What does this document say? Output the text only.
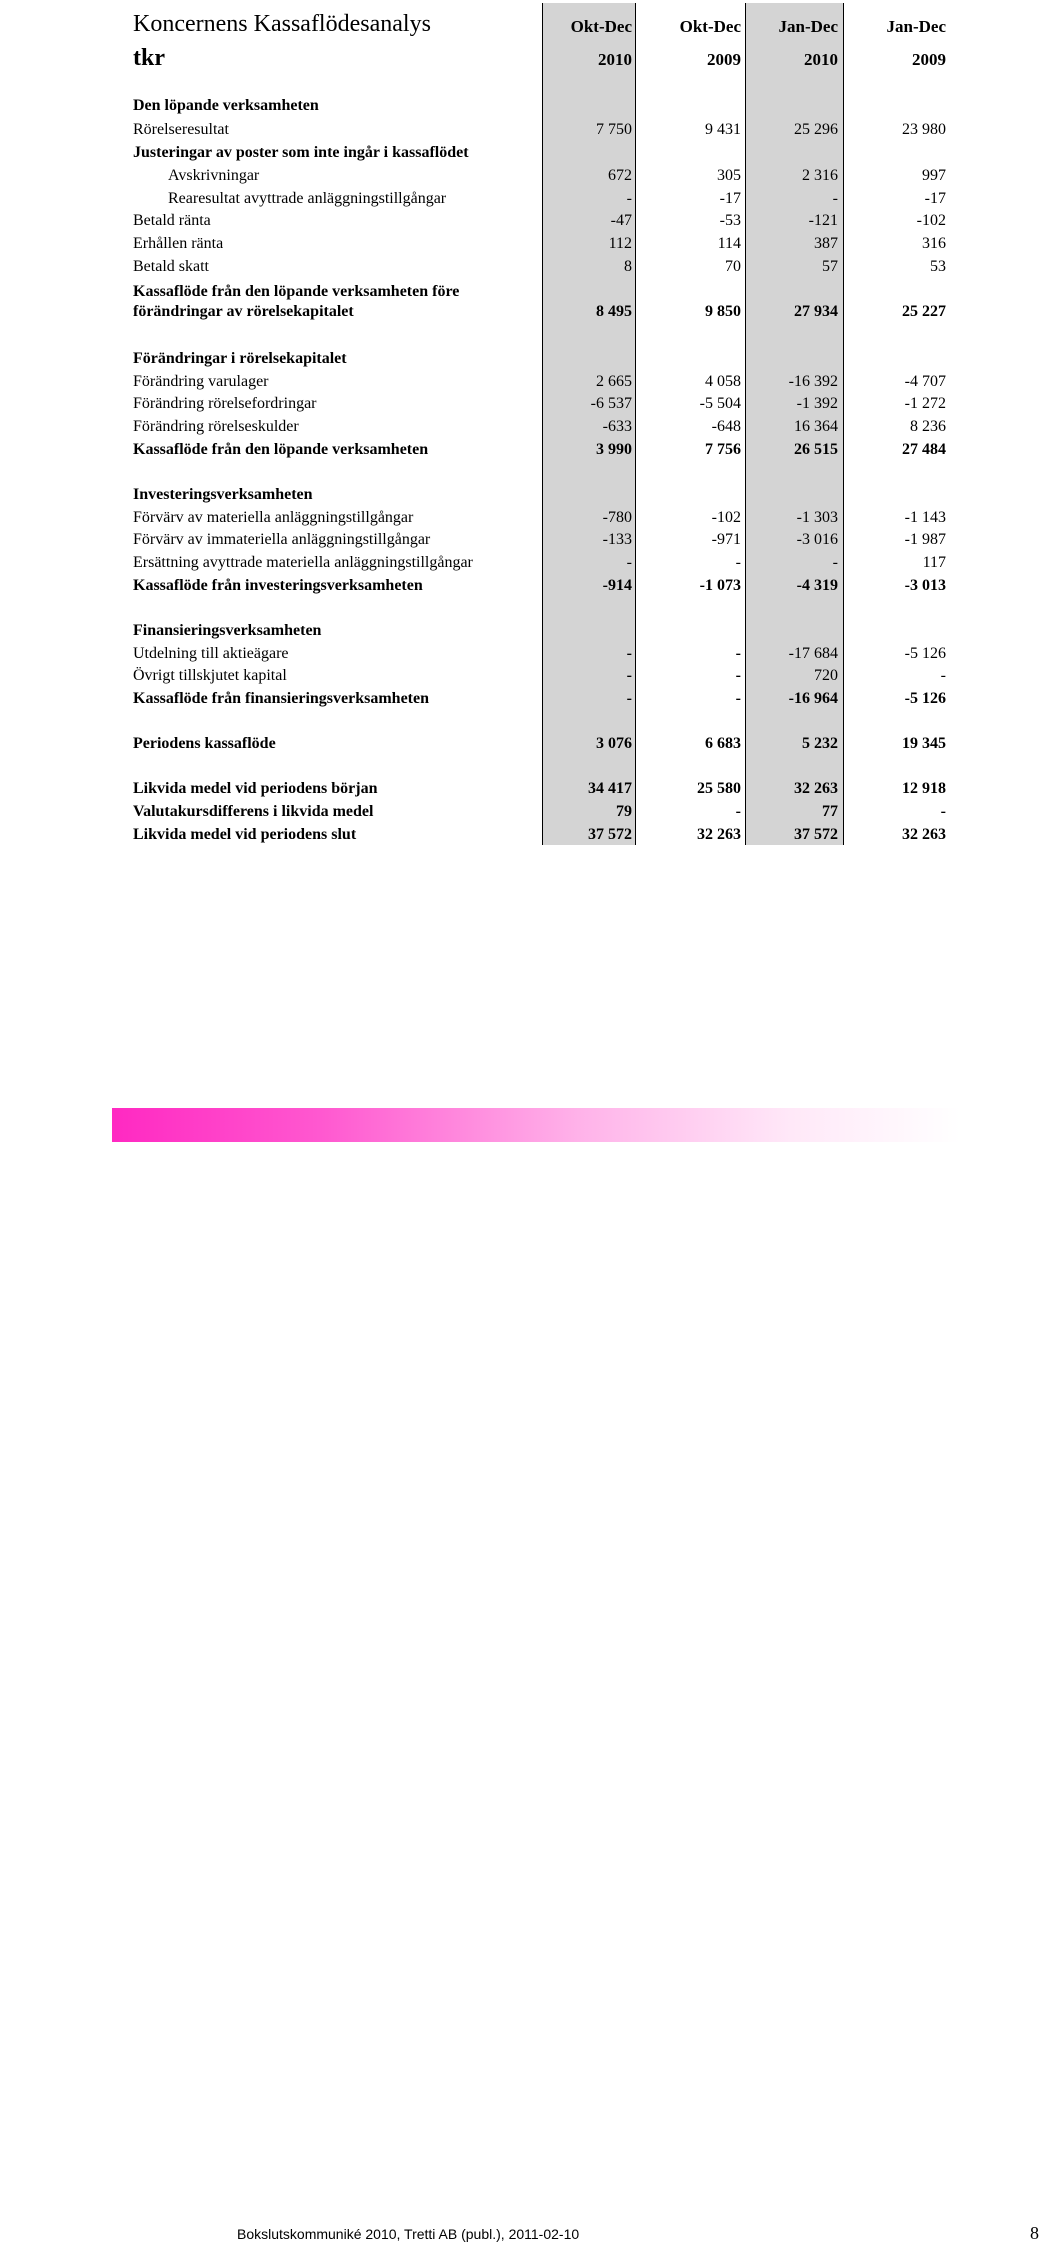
Koncernens Kassaflödesanalys
tkr
Okt-Dec	Okt-Dec	Jan-Dec	Jan-Dec
2010	2009	2010	2009
Den löpande verksamheten
Rörelseresultat	7 750	9 431	25 296	23 980
Justeringar av poster som inte ingår i kassaflödet
Avskrivningar	672	305	2 316	997
Rearesultat avyttrade anläggningstillgångar	-	-17	-	-17
Betald ränta	-47	-53	-121	-102
Erhållen ränta	112	114	387	316
Betald skatt	8	70	57	53
Kassaflöde från den löpande verksamheten före
förändringar av rörelsekapitalet	8 495	9 850	27 934	25 227
Förändringar i rörelsekapitalet
Förändring varulager	2 665	4 058	-16 392	-4 707
Förändring rörelsefordringar	-6 537	-5 504	-1 392	-1 272
Förändring rörelseskulder	-633	-648	16 364	8 236
Kassaflöde från den löpande verksamheten	3 990	7 756	26 515	27 484
Investeringsverksamheten
Förvärv av materiella anläggningstillgångar	-780	-102	-1 303	-1 143
Förvärv av immateriella anläggningstillgångar	-133	-971	-3 016	-1 987
Ersättning avyttrade materiella anläggningstillgångar	-	-	-	117
Kassaflöde från investeringsverksamheten	-914	-1 073	-4 319	-3 013
Finansieringsverksamheten
Utdelning till aktieägare	-	-	-17 684	-5 126
Övrigt tillskjutet kapital	-	-	720	-
Kassaflöde från finansieringsverksamheten	-	-	-16 964	-5 126
Periodens kassaflöde	3 076	6 683	5 232	19 345
Likvida medel vid periodens början	34 417	25 580	32 263	12 918
Valutakursdifferens i likvida medel	79	-	77	-
Likvida medel vid periodens slut	37 572	32 263	37 572	32 263
Bokslutskommuniké 2010, Tretti AB (publ.), 2011-02-10	8
